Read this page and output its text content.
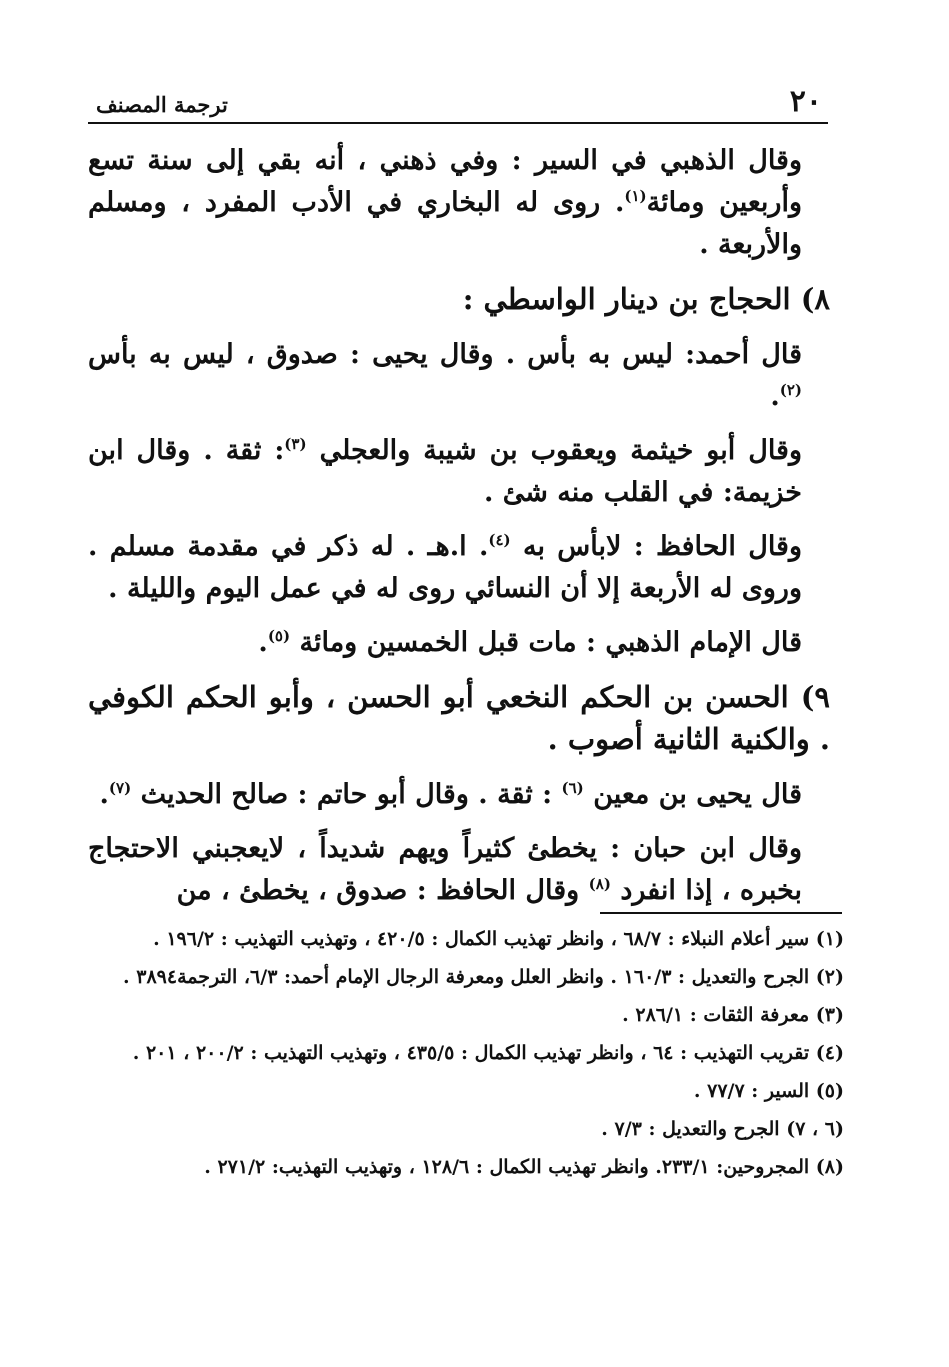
٢٠
ترجمة المصنف

وقال الذهبي في السير : وفي ذهني ، أنه بقي إلى سنة تسع وأربعين ومائة$^{(١)}$. روى له البخاري في الأدب المفرد ، ومسلم والأربعة .

٨) الحجاج بن دينار الواسطي :

قال أحمد: ليس به بأس . وقال يحيى : صدوق ، ليس به بأس $^{(٢)}$.

وقال أبو خيثمة ويعقوب بن شيبة والعجلي $^{(٣)}$: ثقة . وقال ابن خزيمة: في القلب منه شئ .

وقال الحافظ : لابأس به $^{(٤)}$. ا.هـ . له ذكر في مقدمة مسلم . وروى له الأربعة إلا أن النسائي روى له في عمل اليوم والليلة .

قال الإمام الذهبي : مات قبل الخمسين ومائة $^{(٥)}$.

٩) الحسن بن الحكم النخعي أبو الحسن ، وأبو الحكم الكوفي . والكنية الثانية أصوب .

قال يحيى بن معين $^{(٦)}$ : ثقة . وقال أبو حاتم : صالح الحديث $^{(٧)}$.

وقال ابن حبان : يخطئ كثيراً ويهم شديداً ، لايعجبني الاحتجاج بخبره ، إذا انفرد $^{(٨)}$ وقال الحافظ : صدوق ، يخطئ ، من

(١) سير أعلام النبلاء : ٦٨/٧ ، وانظر تهذيب الكمال : ٤٢٠/٥ ، وتهذيب التهذيب : ١٩٦/٢ .

(٢) الجرح والتعديل : ١٦٠/٣ . وانظر العلل ومعرفة الرجال الإمام أحمد: ٦/٣، الترجمة٣٨٩٤ .

(٣) معرفة الثقات : ٢٨٦/١ .

(٤) تقريب التهذيب : ٦٤ ، وانظر تهذيب الكمال : ٤٣٥/٥ ، وتهذيب التهذيب : ٢٠٠/٢ ، ٢٠١ .

(٥) السير : ٧٧/٧ .

(٦ ، ٧) الجرح والتعديل : ٧/٣ .

(٨) المجروحين: ٢٣٣/١. وانظر تهذيب الكمال : ١٢٨/٦ ، وتهذيب التهذيب: ٢٧١/٢ .
